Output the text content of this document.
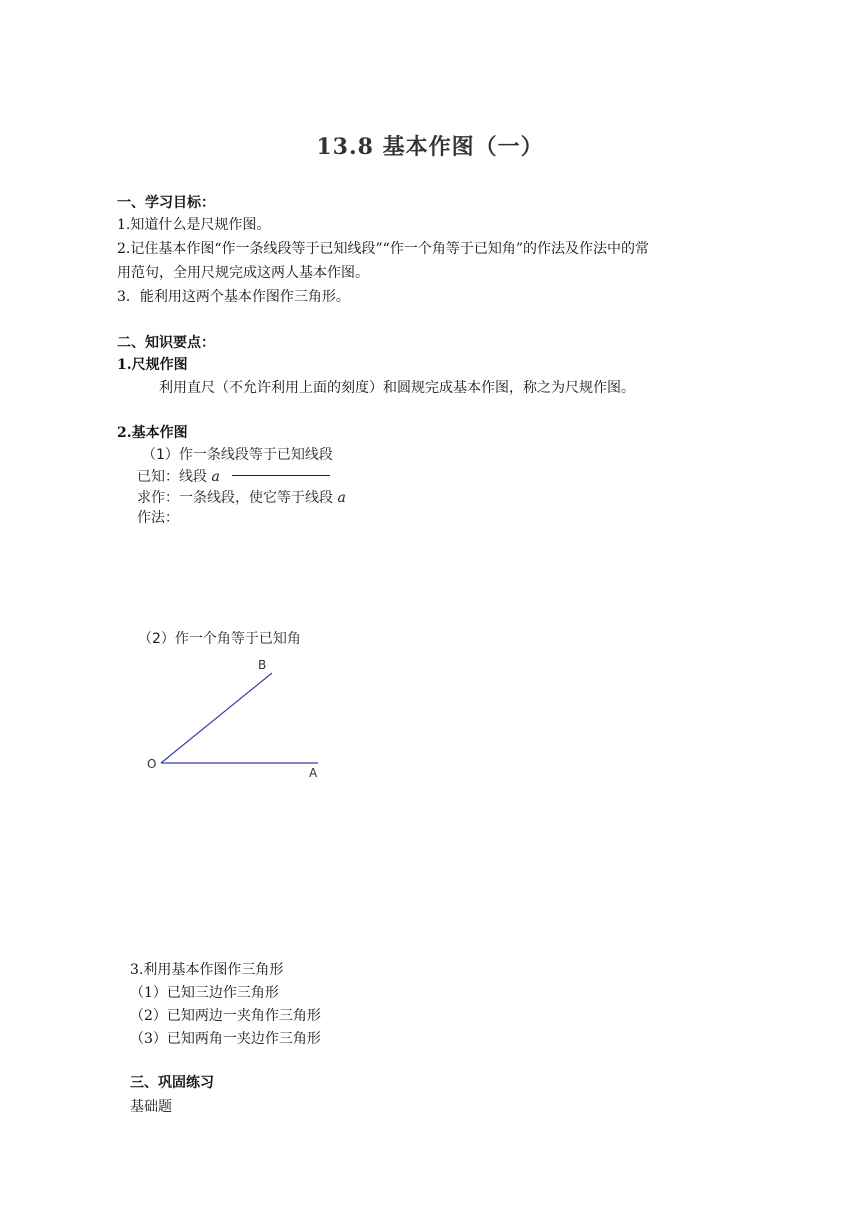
13.8 基本作图（一）
一、学习目标：
1.知道什么是尺规作图。
2.记住基本作图“作一条线段等于已知线段”“作一个角等于已知角”的作法及作法中的常
用范句，全用尺规完成这两人基本作图。
3．能利用这两个基本作图作三角形。
二、知识要点：
1.尺规作图
利用直尺（不允许利用上面的刻度）和圆规完成基本作图，称之为尺规作图。
2.基本作图
（1）作一条线段等于已知线段
已知：线段 a
求作：一条线段，使它等于线段 a
作法：
（2）作一个角等于已知角
B
O
A
3.利用基本作图作三角形
（1）已知三边作三角形
（2）已知两边一夹角作三角形
（3）已知两角一夹边作三角形
三、巩固练习
基础题
